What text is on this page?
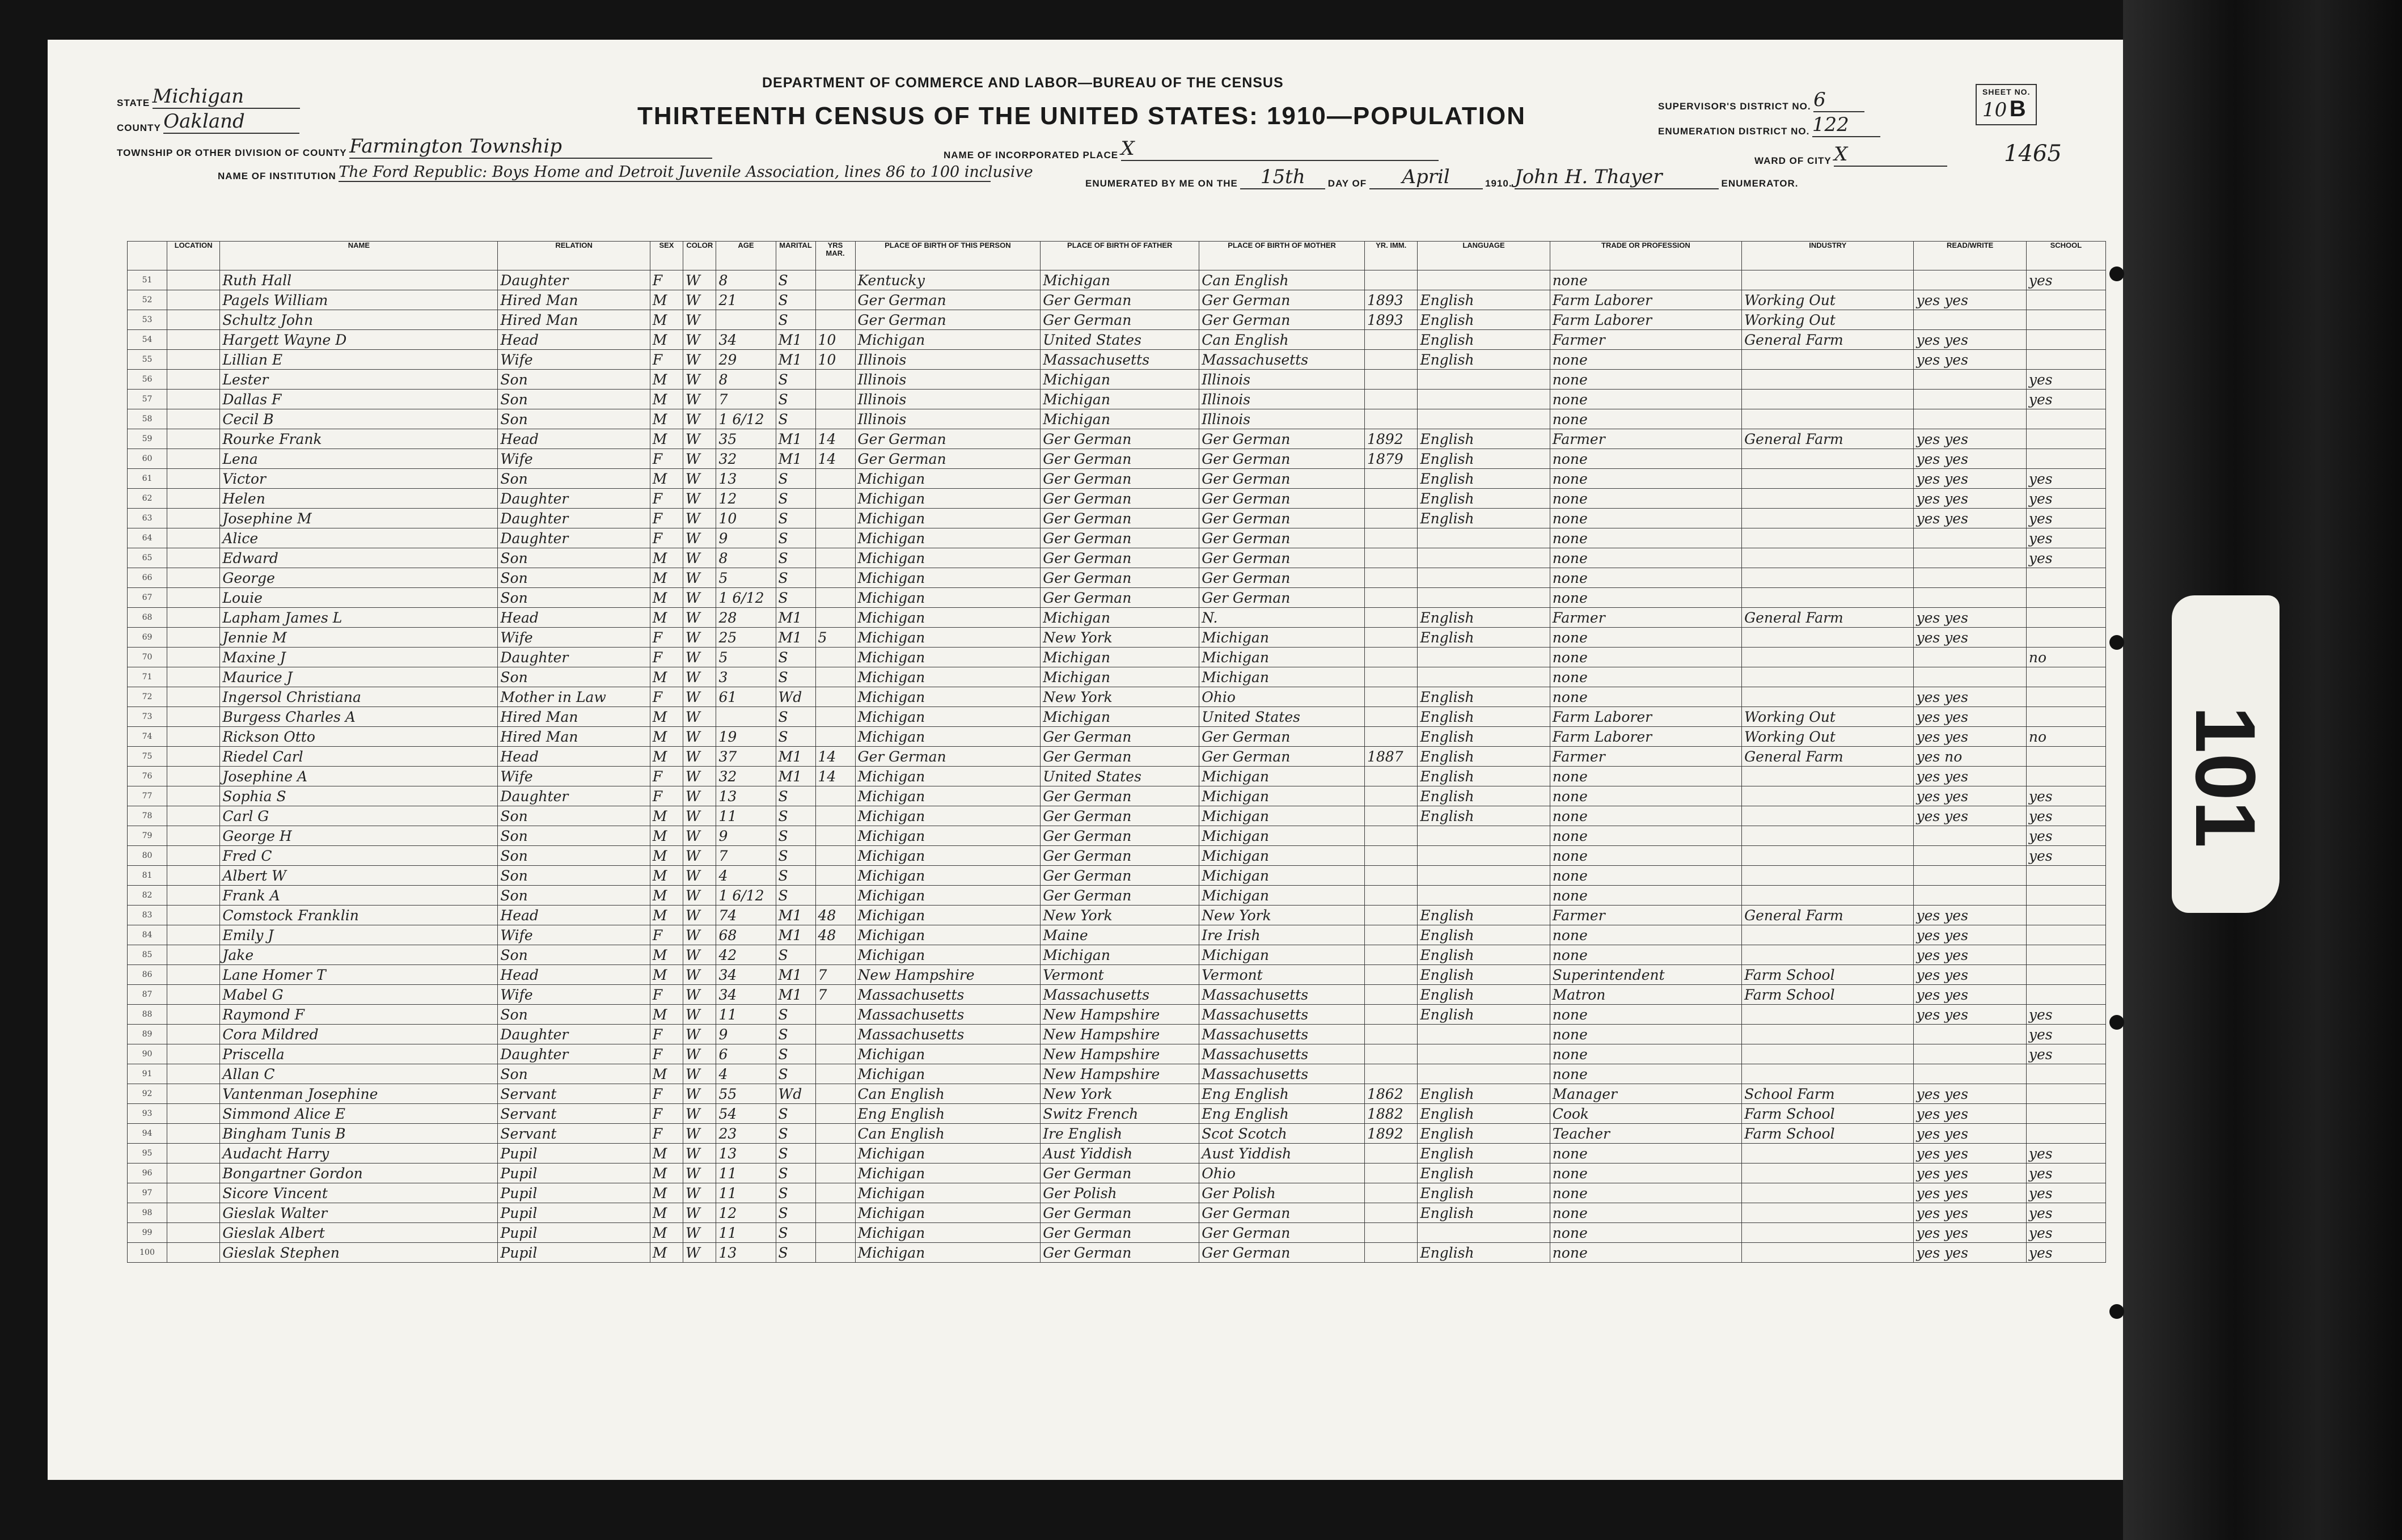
STATE Michigan
COUNTY Oakland
TOWNSHIP OR OTHER DIVISION OF COUNTY Farmington Township
NAME OF INSTITUTION The Ford Republic: Boys Home and Detroit Juvenile Association, lines 86 to 100 inclusive
DEPARTMENT OF COMMERCE AND LABOR—BUREAU OF THE CENSUS
THIRTEENTH CENSUS OF THE UNITED STATES: 1910—POPULATION
NAME OF INCORPORATED PLACE X
ENUMERATED BY ME ON THE 15th DAY OF April	1910. John H. Thayer	ENUMERATOR.
SUPERVISOR'S DISTRICT NO. 6
ENUMERATION DISTRICT NO. 122
SHEET NO.
10 B
WARD OF CITY X	1465
	LOCATION	NAME	RELATION	SEX	COLOR	AGE	MARITAL	YRS MAR.	PLACE OF BIRTH OF THIS PERSON	PLACE OF BIRTH OF FATHER	PLACE OF BIRTH OF MOTHER	YR. IMM.	LANGUAGE	TRADE OR PROFESSION	INDUSTRY	READ/WRITE	SCHOOL
51		Ruth Hall	Daughter	F	W	8	S		Kentucky	Michigan	Can English			none			yes
52		Pagels William	Hired Man	M	W	21	S		Ger German	Ger German	Ger German	1893	English	Farm Laborer	Working Out	yes yes	
53		Schultz John	Hired Man	M	W		S		Ger German	Ger German	Ger German	1893	English	Farm Laborer	Working Out		
54		Hargett Wayne D	Head	M	W	34	M1	10	Michigan	United States	Can English		English	Farmer	General Farm	yes yes	
55		Lillian E	Wife	F	W	29	M1	10	Illinois	Massachusetts	Massachusetts		English	none		yes yes	
56		Lester	Son	M	W	8	S		Illinois	Michigan	Illinois			none			yes
57		Dallas F	Son	M	W	7	S		Illinois	Michigan	Illinois			none			yes
58		Cecil B	Son	M	W	1 6/12	S		Illinois	Michigan	Illinois			none			
59		Rourke Frank	Head	M	W	35	M1	14	Ger German	Ger German	Ger German	1892	English	Farmer	General Farm	yes yes	
60		Lena	Wife	F	W	32	M1	14	Ger German	Ger German	Ger German	1879	English	none		yes yes	
61		Victor	Son	M	W	13	S		Michigan	Ger German	Ger German		English	none		yes yes	yes
62		Helen	Daughter	F	W	12	S		Michigan	Ger German	Ger German		English	none		yes yes	yes
63		Josephine M	Daughter	F	W	10	S		Michigan	Ger German	Ger German		English	none		yes yes	yes
64		Alice	Daughter	F	W	9	S		Michigan	Ger German	Ger German			none			yes
65		Edward	Son	M	W	8	S		Michigan	Ger German	Ger German			none			yes
66		George	Son	M	W	5	S		Michigan	Ger German	Ger German			none			
67		Louie	Son	M	W	1 6/12	S		Michigan	Ger German	Ger German			none			
68		Lapham James L	Head	M	W	28	M1		Michigan	Michigan	N.		English	Farmer	General Farm	yes yes	
69		Jennie M	Wife	F	W	25	M1	5	Michigan	New York	Michigan		English	none		yes yes	
70		Maxine J	Daughter	F	W	5	S		Michigan	Michigan	Michigan			none			no
71		Maurice J	Son	M	W	3	S		Michigan	Michigan	Michigan			none			
72		Ingersol Christiana	Mother in Law	F	W	61	Wd		Michigan	New York	Ohio		English	none		yes yes	
73		Burgess Charles A	Hired Man	M	W		S		Michigan	Michigan	United States		English	Farm Laborer	Working Out	yes yes	
74		Rickson Otto	Hired Man	M	W	19	S		Michigan	Ger German	Ger German		English	Farm Laborer	Working Out	yes yes	no
75		Riedel Carl	Head	M	W	37	M1	14	Ger German	Ger German	Ger German	1887	English	Farmer	General Farm	yes no	
76		Josephine A	Wife	F	W	32	M1	14	Michigan	United States	Michigan		English	none		yes yes	
77		Sophia S	Daughter	F	W	13	S		Michigan	Ger German	Michigan		English	none		yes yes	yes
78		Carl G	Son	M	W	11	S		Michigan	Ger German	Michigan		English	none		yes yes	yes
79		George H	Son	M	W	9	S		Michigan	Ger German	Michigan			none			yes
80		Fred C	Son	M	W	7	S		Michigan	Ger German	Michigan			none			yes
81		Albert W	Son	M	W	4	S		Michigan	Ger German	Michigan			none			
82		Frank A	Son	M	W	1 6/12	S		Michigan	Ger German	Michigan			none			
83		Comstock Franklin	Head	M	W	74	M1	48	Michigan	New York	New York		English	Farmer	General Farm	yes yes	
84		Emily J	Wife	F	W	68	M1	48	Michigan	Maine	Ire Irish		English	none		yes yes	
85		Jake	Son	M	W	42	S		Michigan	Michigan	Michigan		English	none		yes yes	
86		Lane Homer T	Head	M	W	34	M1	7	New Hampshire	Vermont	Vermont		English	Superintendent	Farm School	yes yes	
87		Mabel G	Wife	F	W	34	M1	7	Massachusetts	Massachusetts	Massachusetts		English	Matron	Farm School	yes yes	
88		Raymond F	Son	M	W	11	S		Massachusetts	New Hampshire	Massachusetts		English	none		yes yes	yes
89		Cora Mildred	Daughter	F	W	9	S		Massachusetts	New Hampshire	Massachusetts			none			yes
90		Priscella	Daughter	F	W	6	S		Michigan	New Hampshire	Massachusetts			none			yes
91		Allan C	Son	M	W	4	S		Michigan	New Hampshire	Massachusetts			none			
92		Vantenman Josephine	Servant	F	W	55	Wd		Can English	New York	Eng English	1862	English	Manager	School Farm	yes yes	
93		Simmond Alice E	Servant	F	W	54	S		Eng English	Switz French	Eng English	1882	English	Cook	Farm School	yes yes	
94		Bingham Tunis B	Servant	F	W	23	S		Can English	Ire English	Scot Scotch	1892	English	Teacher	Farm School	yes yes	
95		Audacht Harry	Pupil	M	W	13	S		Michigan	Aust Yiddish	Aust Yiddish		English	none		yes yes	yes
96		Bongartner Gordon	Pupil	M	W	11	S		Michigan	Ger German	Ohio		English	none		yes yes	yes
97		Sicore Vincent	Pupil	M	W	11	S		Michigan	Ger Polish	Ger Polish		English	none		yes yes	yes
98		Gieslak Walter	Pupil	M	W	12	S		Michigan	Ger German	Ger German		English	none		yes yes	yes
99		Gieslak Albert	Pupil	M	W	11	S		Michigan	Ger German	Ger German			none		yes yes	yes
100		Gieslak Stephen	Pupil	M	W	13	S		Michigan	Ger German	Ger German		English	none		yes yes	yes
101
